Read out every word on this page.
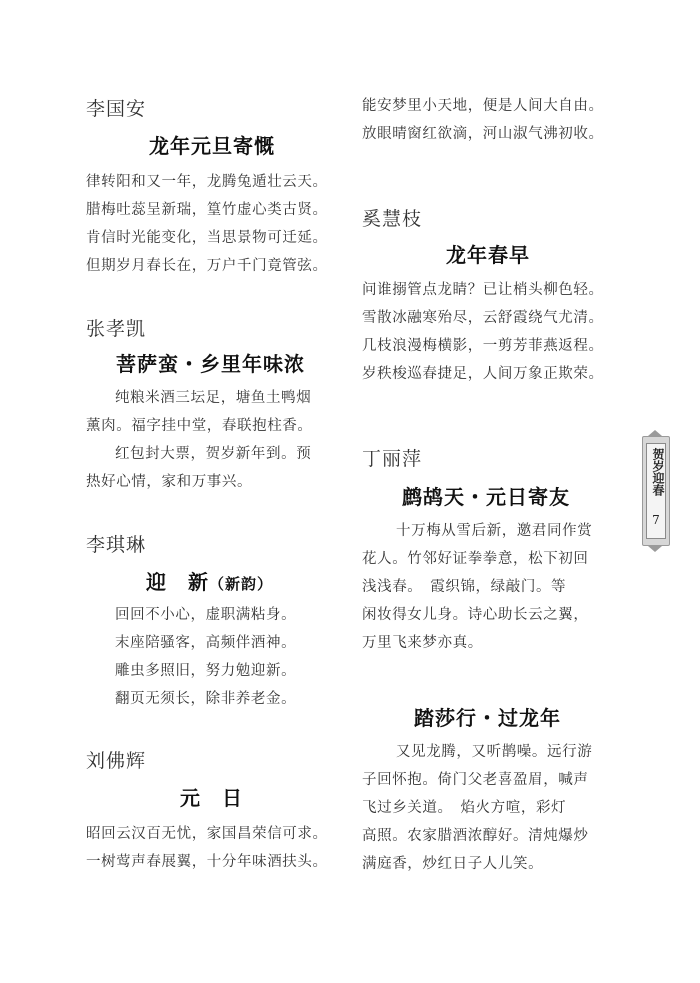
李国安
龙年元旦寄慨
律转阳和又一年，龙腾兔遁壮云天。
腊梅吐蕊呈新瑞，篁竹虚心类古贤。
肯信时光能变化，当思景物可迁延。
但期岁月春长在，万户千门竟管弦。
张孝凯
菩萨蛮・乡里年味浓
纯粮米酒三坛足，塘鱼土鸭烟
薰肉。福字挂中堂，春联抱柱香。
红包封大票，贺岁新年到。预
热好心情，家和万事兴。
李琪琳
迎　新（新韵）
回回不小心，虚职满粘身。
末座陪骚客，高频伴酒神。
雕虫多照旧，努力勉迎新。
翻页无须长，除非养老金。
刘佛辉
元　日
昭回云汉百无忧，家国昌荣信可求。
一树莺声春展翼，十分年味酒扶头。
能安梦里小天地，便是人间大自由。
放眼晴窗红欲滴，河山淑气沸初收。
奚慧枝
龙年春早
问谁搦管点龙睛？已让梢头柳色轻。
雪散冰融寒殆尽，云舒霞绕气尤清。
几枝浪漫梅横影，一剪芳菲燕返程。
岁秩梭巡春捷足，人间万象正欺荣。
丁丽萍
鹧鸪天・元日寄友
十万梅从雪后新，邀君同作赏
花人。竹邻好证拳拳意，松下初回
浅浅春。　霞织锦，绿敲门。等
闲妆得女儿身。诗心助长云之翼，
万里飞来梦亦真。
踏莎行・过龙年
又见龙腾，又听鹊噪。远行游
子回怀抱。倚门父老喜盈眉，喊声
飞过乡关道。　焰火方喧，彩灯
高照。农家腊酒浓醇好。清炖爆炒
满庭香，炒红日子人儿笑。
贺岁迎春
7
